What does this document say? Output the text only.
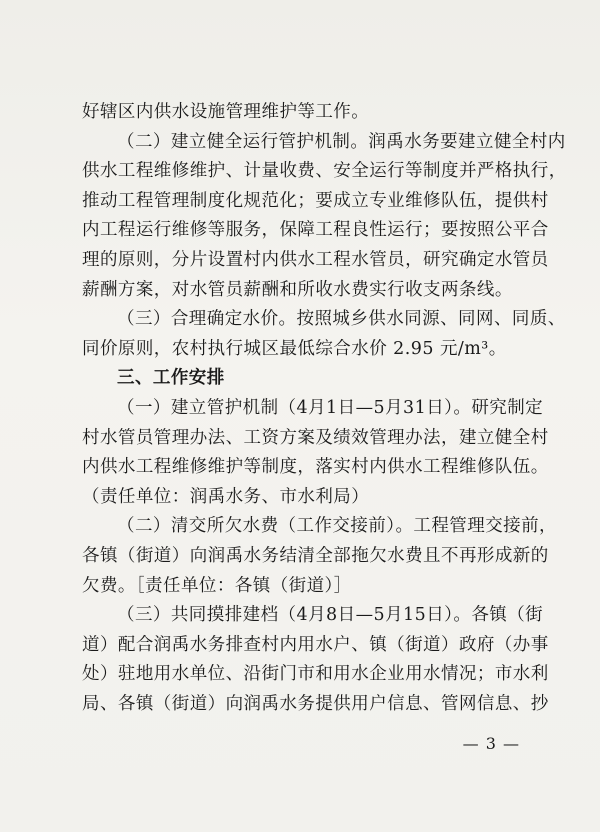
好辖区内供水设施管理维护等工作。
（二）建立健全运行管护机制。润禹水务要建立健全村内
供水工程维修维护、计量收费、安全运行等制度并严格执行，
推动工程管理制度化规范化；要成立专业维修队伍，提供村
内工程运行维修等服务，保障工程良性运行；要按照公平合
理的原则，分片设置村内供水工程水管员，研究确定水管员
薪酬方案，对水管员薪酬和所收水费实行收支两条线。
（三）合理确定水价。按照城乡供水同源、同网、同质、
同价原则，农村执行城区最低综合水价 2.95 元/m³。
三、工作安排
（一）建立管护机制（4月1日—5月31日）。研究制定
村水管员管理办法、工资方案及绩效管理办法，建立健全村
内供水工程维修维护等制度，落实村内供水工程维修队伍。
（责任单位：润禹水务、市水利局）
（二）清交所欠水费（工作交接前）。工程管理交接前，
各镇（街道）向润禹水务结清全部拖欠水费且不再形成新的
欠费。［责任单位：各镇（街道）］
（三）共同摸排建档（4月8日—5月15日）。各镇（街
道）配合润禹水务排查村内用水户、镇（街道）政府（办事
处）驻地用水单位、沿街门市和用水企业用水情况；市水利
局、各镇（街道）向润禹水务提供用户信息、管网信息、抄
— 3 —
